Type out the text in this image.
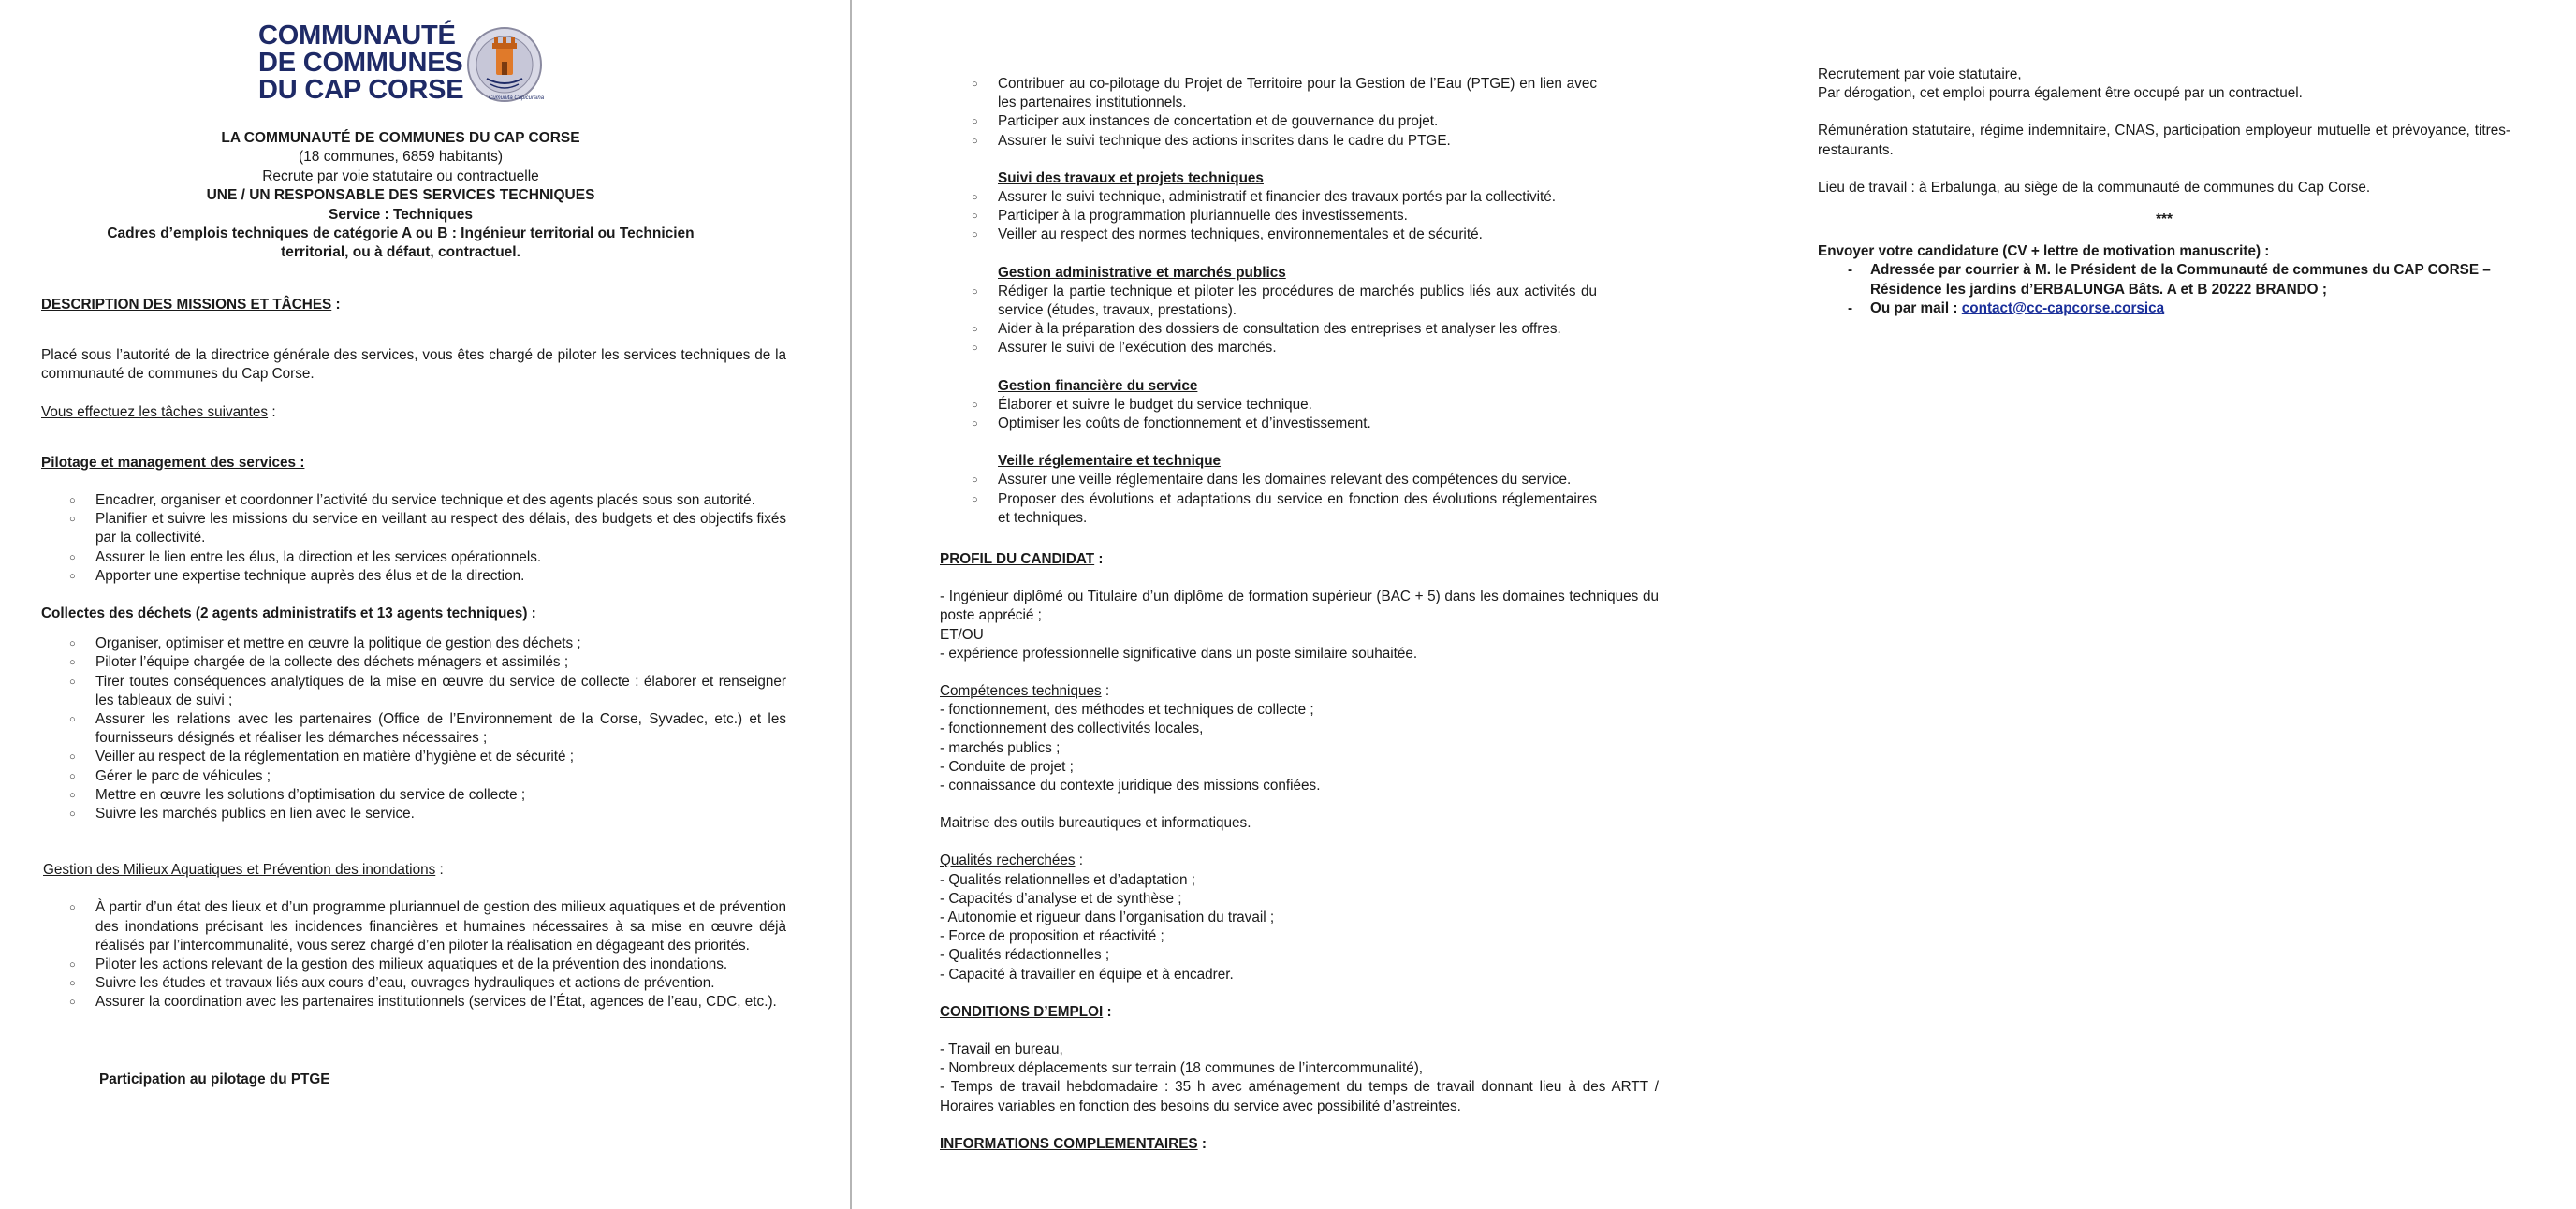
COMMUNAUTÉ
DE COMMUNES
DU CAP CORSE	Cumunità Capicursina

LA COMMUNAUTÉ DE COMMUNES DU CAP CORSE

(18 communes, 6859 habitants)

Recrute par voie statutaire ou contractuelle

UNE / UN RESPONSABLE DES SERVICES TECHNIQUES

Service : Techniques

Cadres d’emplois techniques de catégorie A ou B : Ingénieur territorial ou Technicien

territorial, ou à défaut, contractuel.

DESCRIPTION DES MISSIONS ET TÂCHES :

Placé sous l’autorité de la directrice générale des services, vous êtes chargé de piloter les services techniques de la communauté de communes du Cap Corse.

Vous effectuez les tâches suivantes :

Pilotage et management des services :

○ Encadrer, organiser et coordonner l’activité du service technique et des agents placés sous son autorité.
○ Planifier et suivre les missions du service en veillant au respect des délais, des budgets et des objectifs fixés par la collectivité.
○ Assurer le lien entre les élus, la direction et les services opérationnels.
○ Apporter une expertise technique auprès des élus et de la direction.

Collectes des déchets (2 agents administratifs et 13 agents techniques) :

○ Organiser, optimiser et mettre en œuvre la politique de gestion des déchets ;
○ Piloter l’équipe chargée de la collecte des déchets ménagers et assimilés ;
○ Tirer toutes conséquences analytiques de la mise en œuvre du service de collecte : élaborer et renseigner les tableaux de suivi ;
○ Assurer les relations avec les partenaires (Office de l’Environnement de la Corse, Syvadec, etc.) et les fournisseurs désignés et réaliser les démarches nécessaires ;
○ Veiller au respect de la réglementation en matière d’hygiène et de sécurité ;
○ Gérer le parc de véhicules ;
○ Mettre en œuvre les solutions d’optimisation du service de collecte ;
○ Suivre les marchés publics en lien avec le service.

Gestion des Milieux Aquatiques et Prévention des inondations :

○ À partir d’un état des lieux et d’un programme pluriannuel de gestion des milieux aquatiques et de prévention des inondations précisant les incidences financières et humaines nécessaires à sa mise en œuvre déjà réalisés par l’intercommunalité, vous serez chargé d’en piloter la réalisation en dégageant des priorités.
○ Piloter les actions relevant de la gestion des milieux aquatiques et de la prévention des inondations.
○ Suivre les études et travaux liés aux cours d’eau, ouvrages hydrauliques et actions de prévention.
○ Assurer la coordination avec les partenaires institutionnels (services de l’État, agences de l’eau, CDC, etc.).

Participation au pilotage du PTGE

○ Contribuer au co-pilotage du Projet de Territoire pour la Gestion de l’Eau (PTGE) en lien avec les partenaires institutionnels.
○ Participer aux instances de concertation et de gouvernance du projet.
○ Assurer le suivi technique des actions inscrites dans le cadre du PTGE.

Suivi des travaux et projets techniques

○ Assurer le suivi technique, administratif et financier des travaux portés par la collectivité.
○ Participer à la programmation pluriannuelle des investissements.
○ Veiller au respect des normes techniques, environnementales et de sécurité.

Gestion administrative et marchés publics

○ Rédiger la partie technique et piloter les procédures de marchés publics liés aux activités du service (études, travaux, prestations).
○ Aider à la préparation des dossiers de consultation des entreprises et analyser les offres.
○ Assurer le suivi de l’exécution des marchés.

Gestion financière du service

○ Élaborer et suivre le budget du service technique.
○ Optimiser les coûts de fonctionnement et d’investissement.

Veille réglementaire et technique

○ Assurer une veille réglementaire dans les domaines relevant des compétences du service.
○ Proposer des évolutions et adaptations du service en fonction des évolutions réglementaires et techniques.

PROFIL DU CANDIDAT :

- Ingénieur diplômé ou Titulaire d’un diplôme de formation supérieur (BAC + 5) dans les domaines techniques du poste apprécié ;

ET/OU

- expérience professionnelle significative dans un poste similaire souhaitée.

Compétences techniques :

- fonctionnement, des méthodes et techniques de collecte ;

- fonctionnement des collectivités locales,

- marchés publics ;

- Conduite de projet ;

- connaissance du contexte juridique des missions confiées.

Maitrise des outils bureautiques et informatiques.

Qualités recherchées :

- Qualités relationnelles et d’adaptation ;

- Capacités d’analyse et de synthèse ;

- Autonomie et rigueur dans l’organisation du travail ;

- Force de proposition et réactivité ;

- Qualités rédactionnelles ;

- Capacité à travailler en équipe et à encadrer.

CONDITIONS D’EMPLOI :

- Travail en bureau,

- Nombreux déplacements sur terrain (18 communes de l’intercommunalité),

- Temps de travail hebdomadaire : 35 h avec aménagement du temps de travail donnant lieu à des ARTT / Horaires variables en fonction des besoins du service avec possibilité d’astreintes.

INFORMATIONS COMPLEMENTAIRES :

Recrutement par voie statutaire,

Par dérogation, cet emploi pourra également être occupé par un contractuel.

Rémunération statutaire, régime indemnitaire, CNAS, participation employeur mutuelle et prévoyance, titres-restaurants.

Lieu de travail : à Erbalunga, au siège de la communauté de communes du Cap Corse.

***

Envoyer votre candidature (CV + lettre de motivation manuscrite) :

- Adressée par courrier à M. le Président de la Communauté de communes du CAP CORSE – Résidence les jardins d’ERBALUNGA Bâts. A et B 20222 BRANDO ;
- Ou par mail : contact@cc-capcorse.corsica
